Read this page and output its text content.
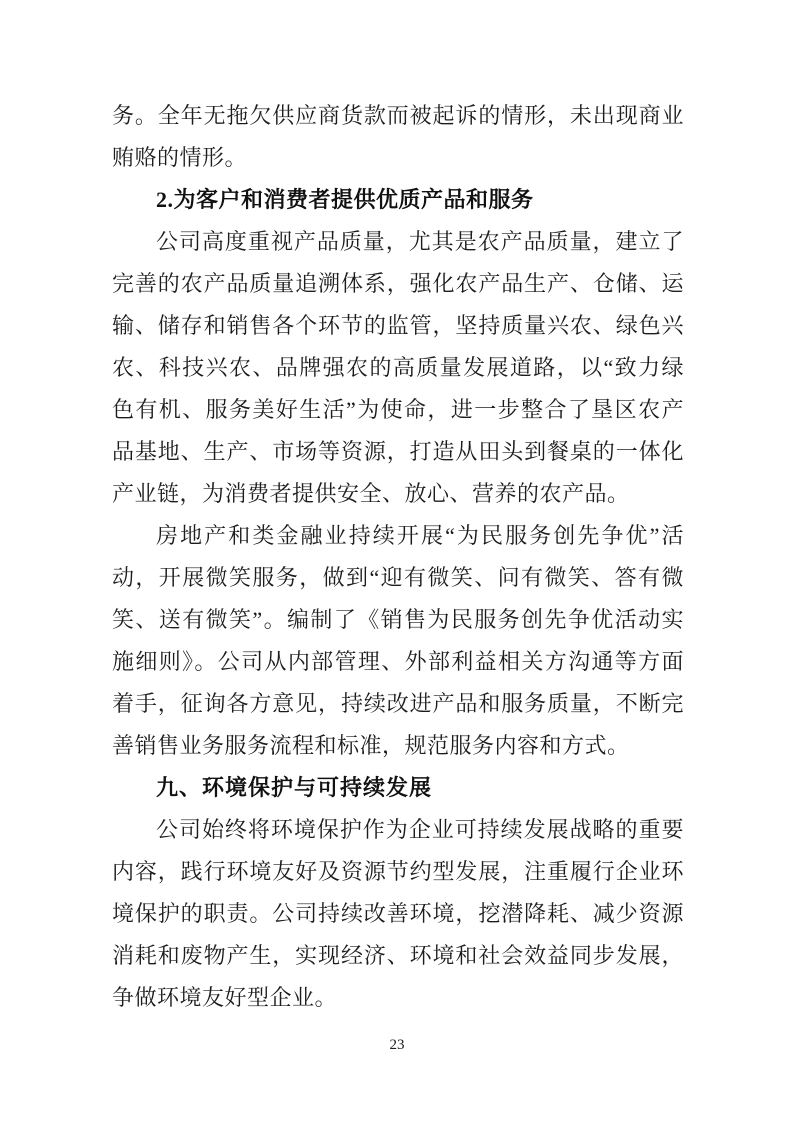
务。全年无拖欠供应商货款而被起诉的情形，未出现商业贿赂的情形。

2.为客户和消费者提供优质产品和服务

公司高度重视产品质量，尤其是农产品质量，建立了完善的农产品质量追溯体系，强化农产品生产、仓储、运输、储存和销售各个环节的监管，坚持质量兴农、绿色兴农、科技兴农、品牌强农的高质量发展道路，以“致力绿色有机、服务美好生活”为使命，进一步整合了垦区农产品基地、生产、市场等资源，打造从田头到餐桌的一体化产业链，为消费者提供安全、放心、营养的农产品。

房地产和类金融业持续开展“为民服务创先争优”活动，开展微笑服务，做到“迎有微笑、问有微笑、答有微笑、送有微笑”。编制了《销售为民服务创先争优活动实施细则》。公司从内部管理、外部利益相关方沟通等方面着手，征询各方意见，持续改进产品和服务质量，不断完善销售业务服务流程和标准，规范服务内容和方式。

九、环境保护与可持续发展

公司始终将环境保护作为企业可持续发展战略的重要内容，践行环境友好及资源节约型发展，注重履行企业环境保护的职责。公司持续改善环境，挖潜降耗、减少资源消耗和废物产生，实现经济、环境和社会效益同步发展，争做环境友好型企业。

23
